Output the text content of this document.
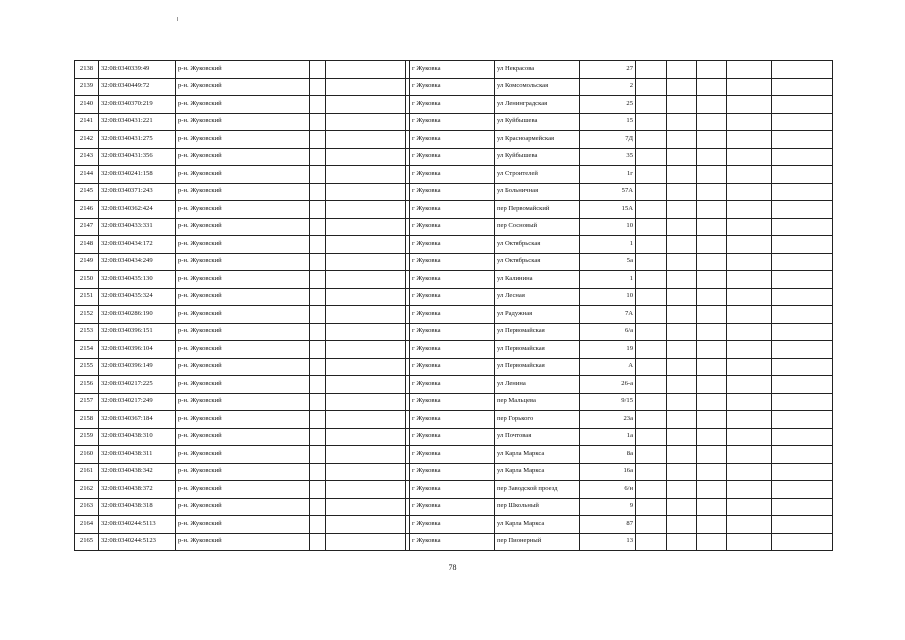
2138	32:08:0340339:49	р-н. Жуковский				г Жуковка	ул Некрасова	27					
2139	32:08:0340449:72	р-н. Жуковский				г Жуковка	ул Комсомольская	2					
2140	32:08:0340370:219	р-н. Жуковский				г Жуковка	ул Ленинградская	25					
2141	32:08:0340431:221	р-н. Жуковский				г Жуковка	ул Куйбышева	15					
2142	32:08:0340431:275	р-н. Жуковский				г Жуковка	ул Красноармейская	7Д					
2143	32:08:0340431:356	р-н. Жуковский				г Жуковка	ул Куйбышева	35					
2144	32:08:0340241:158	р-н. Жуковский				г Жуковка	ул Строителей	1г					
2145	32:08:0340371:243	р-н. Жуковский				г Жуковка	ул Больничная	57А					
2146	32:08:0340362:424	р-н. Жуковский				г Жуковка	пер Первомайский	15А					
2147	32:08:0340433:331	р-н. Жуковский				г Жуковка	пер Сосновый	10					
2148	32:08:0340434:172	р-н. Жуковский				г Жуковка	ул Октябрьская	1					
2149	32:08:0340434:249	р-н. Жуковский				г Жуковка	ул Октябрьская	5а					
2150	32:08:0340435:130	р-н. Жуковский				г Жуковка	ул Калинина	1					
2151	32:08:0340435:324	р-н. Жуковский				г Жуковка	ул Лесная	10					
2152	32:08:0340286:190	р-н. Жуковский				г Жуковка	ул Радужная	7А					
2153	32:08:0340396:151	р-н. Жуковский				г Жуковка	ул Первомайская	6/а					
2154	32:08:0340396:104	р-н. Жуковский				г Жуковка	ул Первомайская	19					
2155	32:08:0340396:149	р-н. Жуковский				г Жуковка	ул Первомайская	А					
2156	32:08:0340217:225	р-н. Жуковский				г Жуковка	ул Ленина	26-а					
2157	32:08:0340217:249	р-н. Жуковский				г Жуковка	пер Мальцева	9/15					
2158	32:08:0340367:184	р-н. Жуковский				г Жуковка	пер Горького	23а					
2159	32:08:0340438:310	р-н. Жуковский				г Жуковка	ул Почтовая	1а					
2160	32:08:0340438:311	р-н. Жуковский				г Жуковка	ул Карла Маркса	8а					
2161	32:08:0340438:342	р-н. Жуковский				г Жуковка	ул Карла Маркса	16а					
2162	32:08:0340438:372	р-н. Жуковский				г Жуковка	пер Заводской проезд	6/н					
2163	32:08:0340438:318	р-н. Жуковский				г Жуковка	пер Школьный	9					
2164	32:08:0340244:5113	р-н. Жуковский				г Жуковка	ул Карла Маркса	87					
2165	32:08:0340244:5123	р-н. Жуковский				г Жуковка	пер Пионерный	13					
78
